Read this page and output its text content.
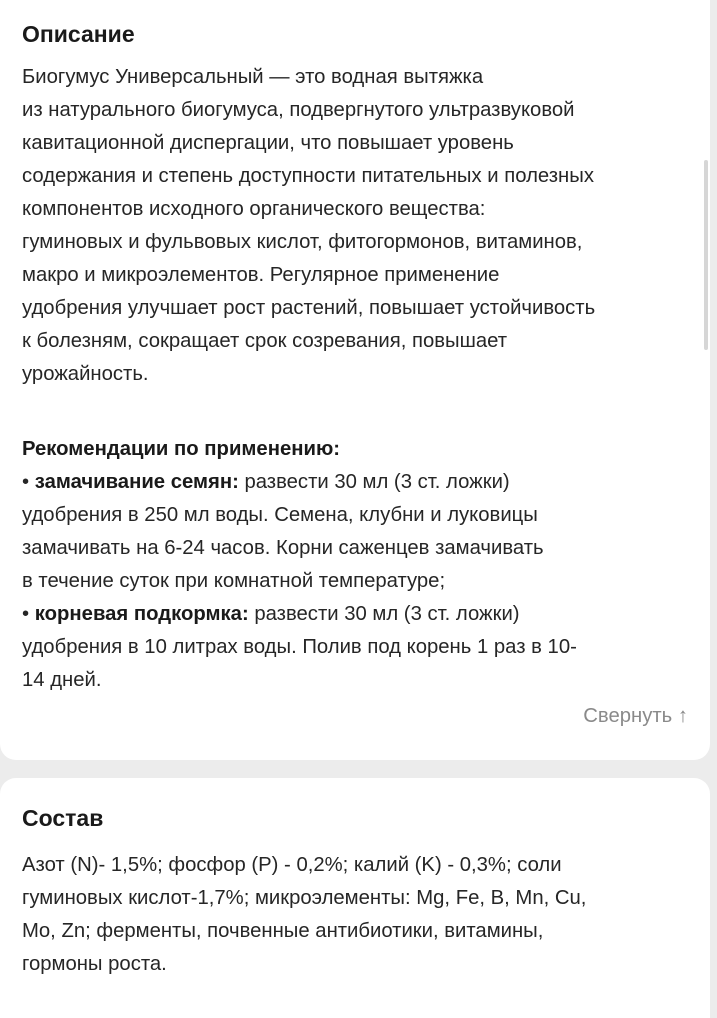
Описание
Биогумус Универсальный — это водная вытяжка
из натурального биогумуса, подвергнутого ультразвуковой
кавитационной диспергации, что повышает уровень
содержания и степень доступности питательных и полезных
компонентов исходного органического вещества:
гуминовых и фульвовых кислот, фитогормонов, витаминов,
макро и микроэлементов. Регулярное применение
удобрения улучшает рост растений, повышает устойчивость
к болезням, сокращает срок созревания, повышает
урожайность.
Рекомендации по применению:
• замачивание семян: развести 30 мл (3 ст. ложки)
удобрения в 250 мл воды. Семена, клубни и луковицы
замачивать на 6-24 часов. Корни саженцев замачивать
в течение суток при комнатной температуре;
• корневая подкормка: развести 30 мл (3 ст. ложки)
удобрения в 10 литрах воды. Полив под корень 1 раз в 10-
14 дней.
Свернуть ↑
Состав
Азот (N)- 1,5%; фосфор (P) - 0,2%; калий (K) - 0,3%; соли
гуминовых кислот-1,7%; микроэлементы: Mg, Fe, B, Mn, Cu,
Mo, Zn; ферменты, почвенные антибиотики, витамины,
гормоны роста.
